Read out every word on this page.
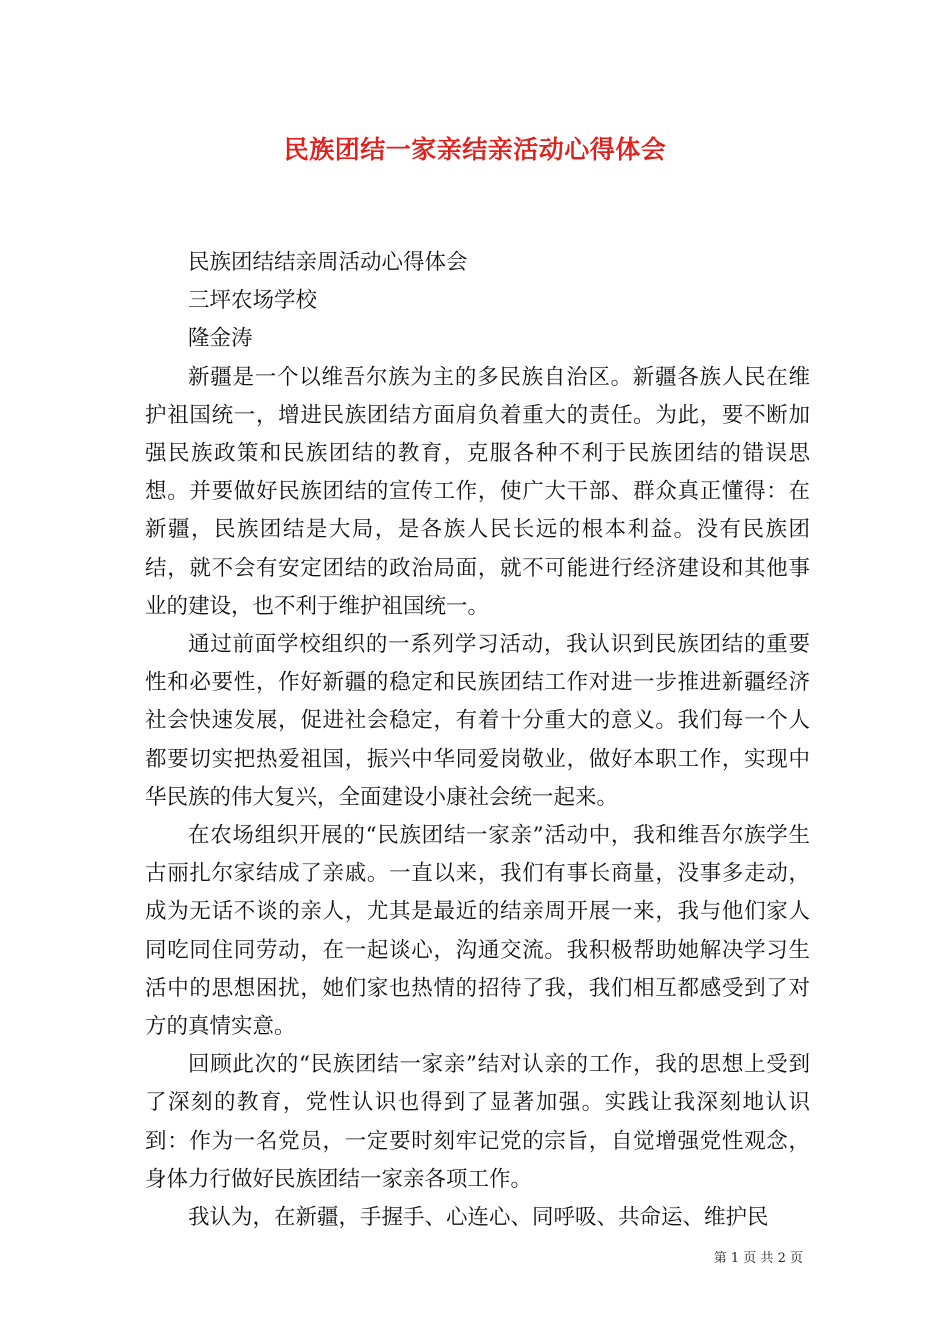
民族团结一家亲结亲活动心得体会

民族团结结亲周活动心得体会

三坪农场学校

隆金涛

新疆是一个以维吾尔族为主的多民族自治区。新疆各族人民在维护祖国统一，增进民族团结方面肩负着重大的责任。为此，要不断加强民族政策和民族团结的教育，克服各种不利于民族团结的错误思想。并要做好民族团结的宣传工作，使广大干部、群众真正懂得：在新疆，民族团结是大局，是各族人民长远的根本利益。没有民族团结，就不会有安定团结的政治局面，就不可能进行经济建设和其他事业的建设，也不利于维护祖国统一。

通过前面学校组织的一系列学习活动，我认识到民族团结的重要性和必要性，作好新疆的稳定和民族团结工作对进一步推进新疆经济社会快速发展，促进社会稳定，有着十分重大的意义。我们每一个人都要切实把热爱祖国，振兴中华同爱岗敬业，做好本职工作，实现中华民族的伟大复兴，全面建设小康社会统一起来。

在农场组织开展的“民族团结一家亲”活动中，我和维吾尔族学生古丽扎尔家结成了亲戚。一直以来，我们有事长商量，没事多走动，成为无话不谈的亲人，尤其是最近的结亲周开展一来，我与他们家人同吃同住同劳动，在一起谈心，沟通交流。我积极帮助她解决学习生活中的思想困扰，她们家也热情的招待了我，我们相互都感受到了对方的真情实意。

回顾此次的“民族团结一家亲”结对认亲的工作，我的思想上受到了深刻的教育，党性认识也得到了显著加强。实践让我深刻地认识到：作为一名党员，一定要时刻牢记党的宗旨，自觉增强党性观念，身体力行做好民族团结一家亲各项工作。

我认为，在新疆，手握手、心连心、同呼吸、共命运、维护民

第 1 页 共 2 页
